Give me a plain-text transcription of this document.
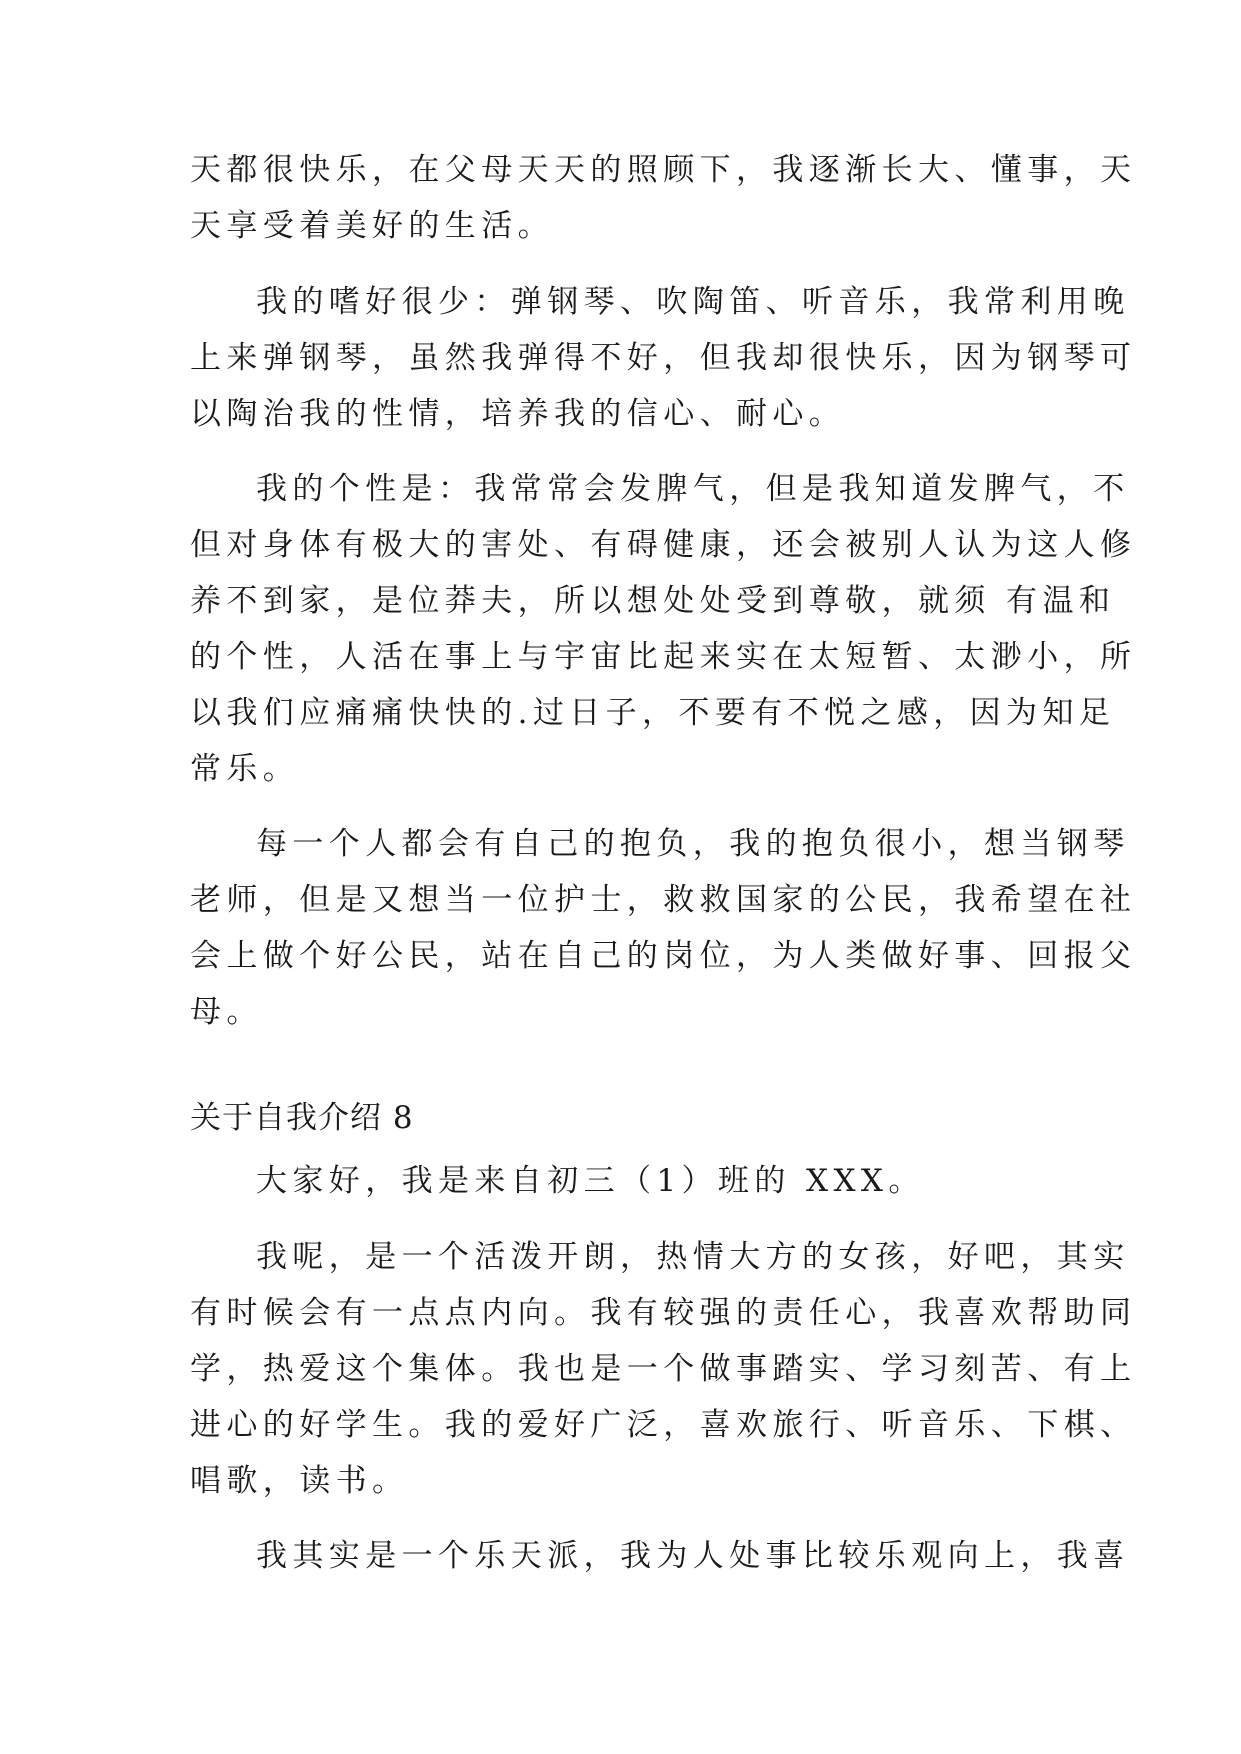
天都很快乐，在父母天天的照顾下，我逐渐长大、懂事，天
天享受着美好的生活。
我的嗜好很少：弹钢琴、吹陶笛、听音乐，我常利用晚
上来弹钢琴，虽然我弹得不好，但我却很快乐，因为钢琴可
以陶治我的性情，培养我的信心、耐心。
我的个性是：我常常会发脾气，但是我知道发脾气，不
但对身体有极大的害处、有碍健康，还会被别人认为这人修
养不到家，是位莽夫，所以想处处受到尊敬，就须 有温和
的个性，人活在事上与宇宙比起来实在太短暂、太渺小，所
以我们应痛痛快快的.过日子，不要有不悦之感，因为知足
常乐。
每一个人都会有自己的抱负，我的抱负很小，想当钢琴
老师，但是又想当一位护士，救救国家的公民，我希望在社
会上做个好公民，站在自己的岗位，为人类做好事、回报父
母。
关于自我介绍 8
大家好，我是来自初三（1）班的 XXX。
我呢，是一个活泼开朗，热情大方的女孩，好吧，其实
有时候会有一点点内向。我有较强的责任心，我喜欢帮助同
学，热爱这个集体。我也是一个做事踏实、学习刻苦、有上
进心的好学生。我的爱好广泛，喜欢旅行、听音乐、下棋、
唱歌，读书。
我其实是一个乐天派，我为人处事比较乐观向上，我喜
